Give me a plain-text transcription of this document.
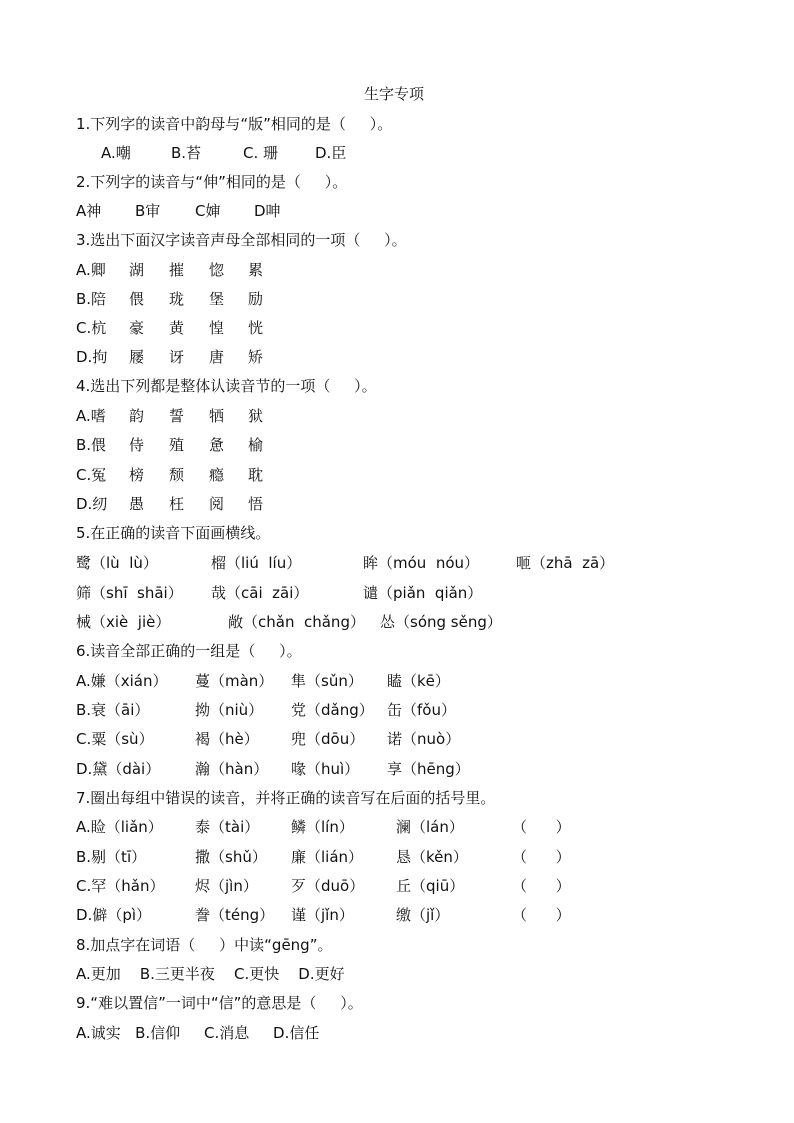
生字专项
1.下列字的读音中韵母与“版”相同的是（     ）。
A.嘲	B.苔	C. 珊 D.臣
2.下列字的读音与“伸”相同的是（     ）。
A神 B审 C婶 D呻
3.选出下面汉字读音声母全部相同的一项（     ）。
A.卿 湖 摧 惚 累
B.陪 偎 珑 堡 励
C.杭 豪 黄 惶 恍
D.拘 屦 讶 唐 矫
4.选出下列都是整体认读音节的一项（     ）。
A.嗜 韵 誓 牺 狱
B.偎 侍 殖 惫 榆
C.冤 榜 颓 瘾 耽
D.纫 愚 枉 阅 悟
5.在正确的读音下面画横线。
鹭（lù  lù）	榴（liú  líu）	眸（móu  nóu） 咂（zhā  zā）
筛（shī  shāi） 哉（cāi  zāi）	谴（piǎn  qiǎn）
械（xiè  jiè）	敞（chǎn  chǎng） 怂（sóng sěng）
6.读音全部正确的一组是（     ）。
A.嫌（xián） 蔓（màn） 隼（sǔn） 瞌（kē）
B.衰（āi）	拗（niù） 党（dǎng） 缶（fǒu）
C.粟（sù）	褐（hè） 兜（dōu） 诺（nuò）
D.黛（dài） 瀚（hàn） 喙（huì） 享（hēng）
7.圈出每组中错误的读音，并将正确的读音写在后面的括号里。
A.睑（liǎn） 泰（tài） 鳞（lín）	澜（lán）	（      ）
B.剔（tī）	撒（shǔ） 廉（lián） 恳（kěn）	（      ）
C.罕（hǎn） 烬（jìn） 歹（duō） 丘（qiū）	（      ）
D.僻（pì）	誊（téng） 谨（jǐn）	缴（jǐ）	（      ）
8.加点字在词语（     ）中读“gēng”。
A.更加    B.三更半夜    C.更快    D.更好
9.“难以置信”一词中“信”的意思是（     ）。
A.诚实   B.信仰     C.消息     D.信任
